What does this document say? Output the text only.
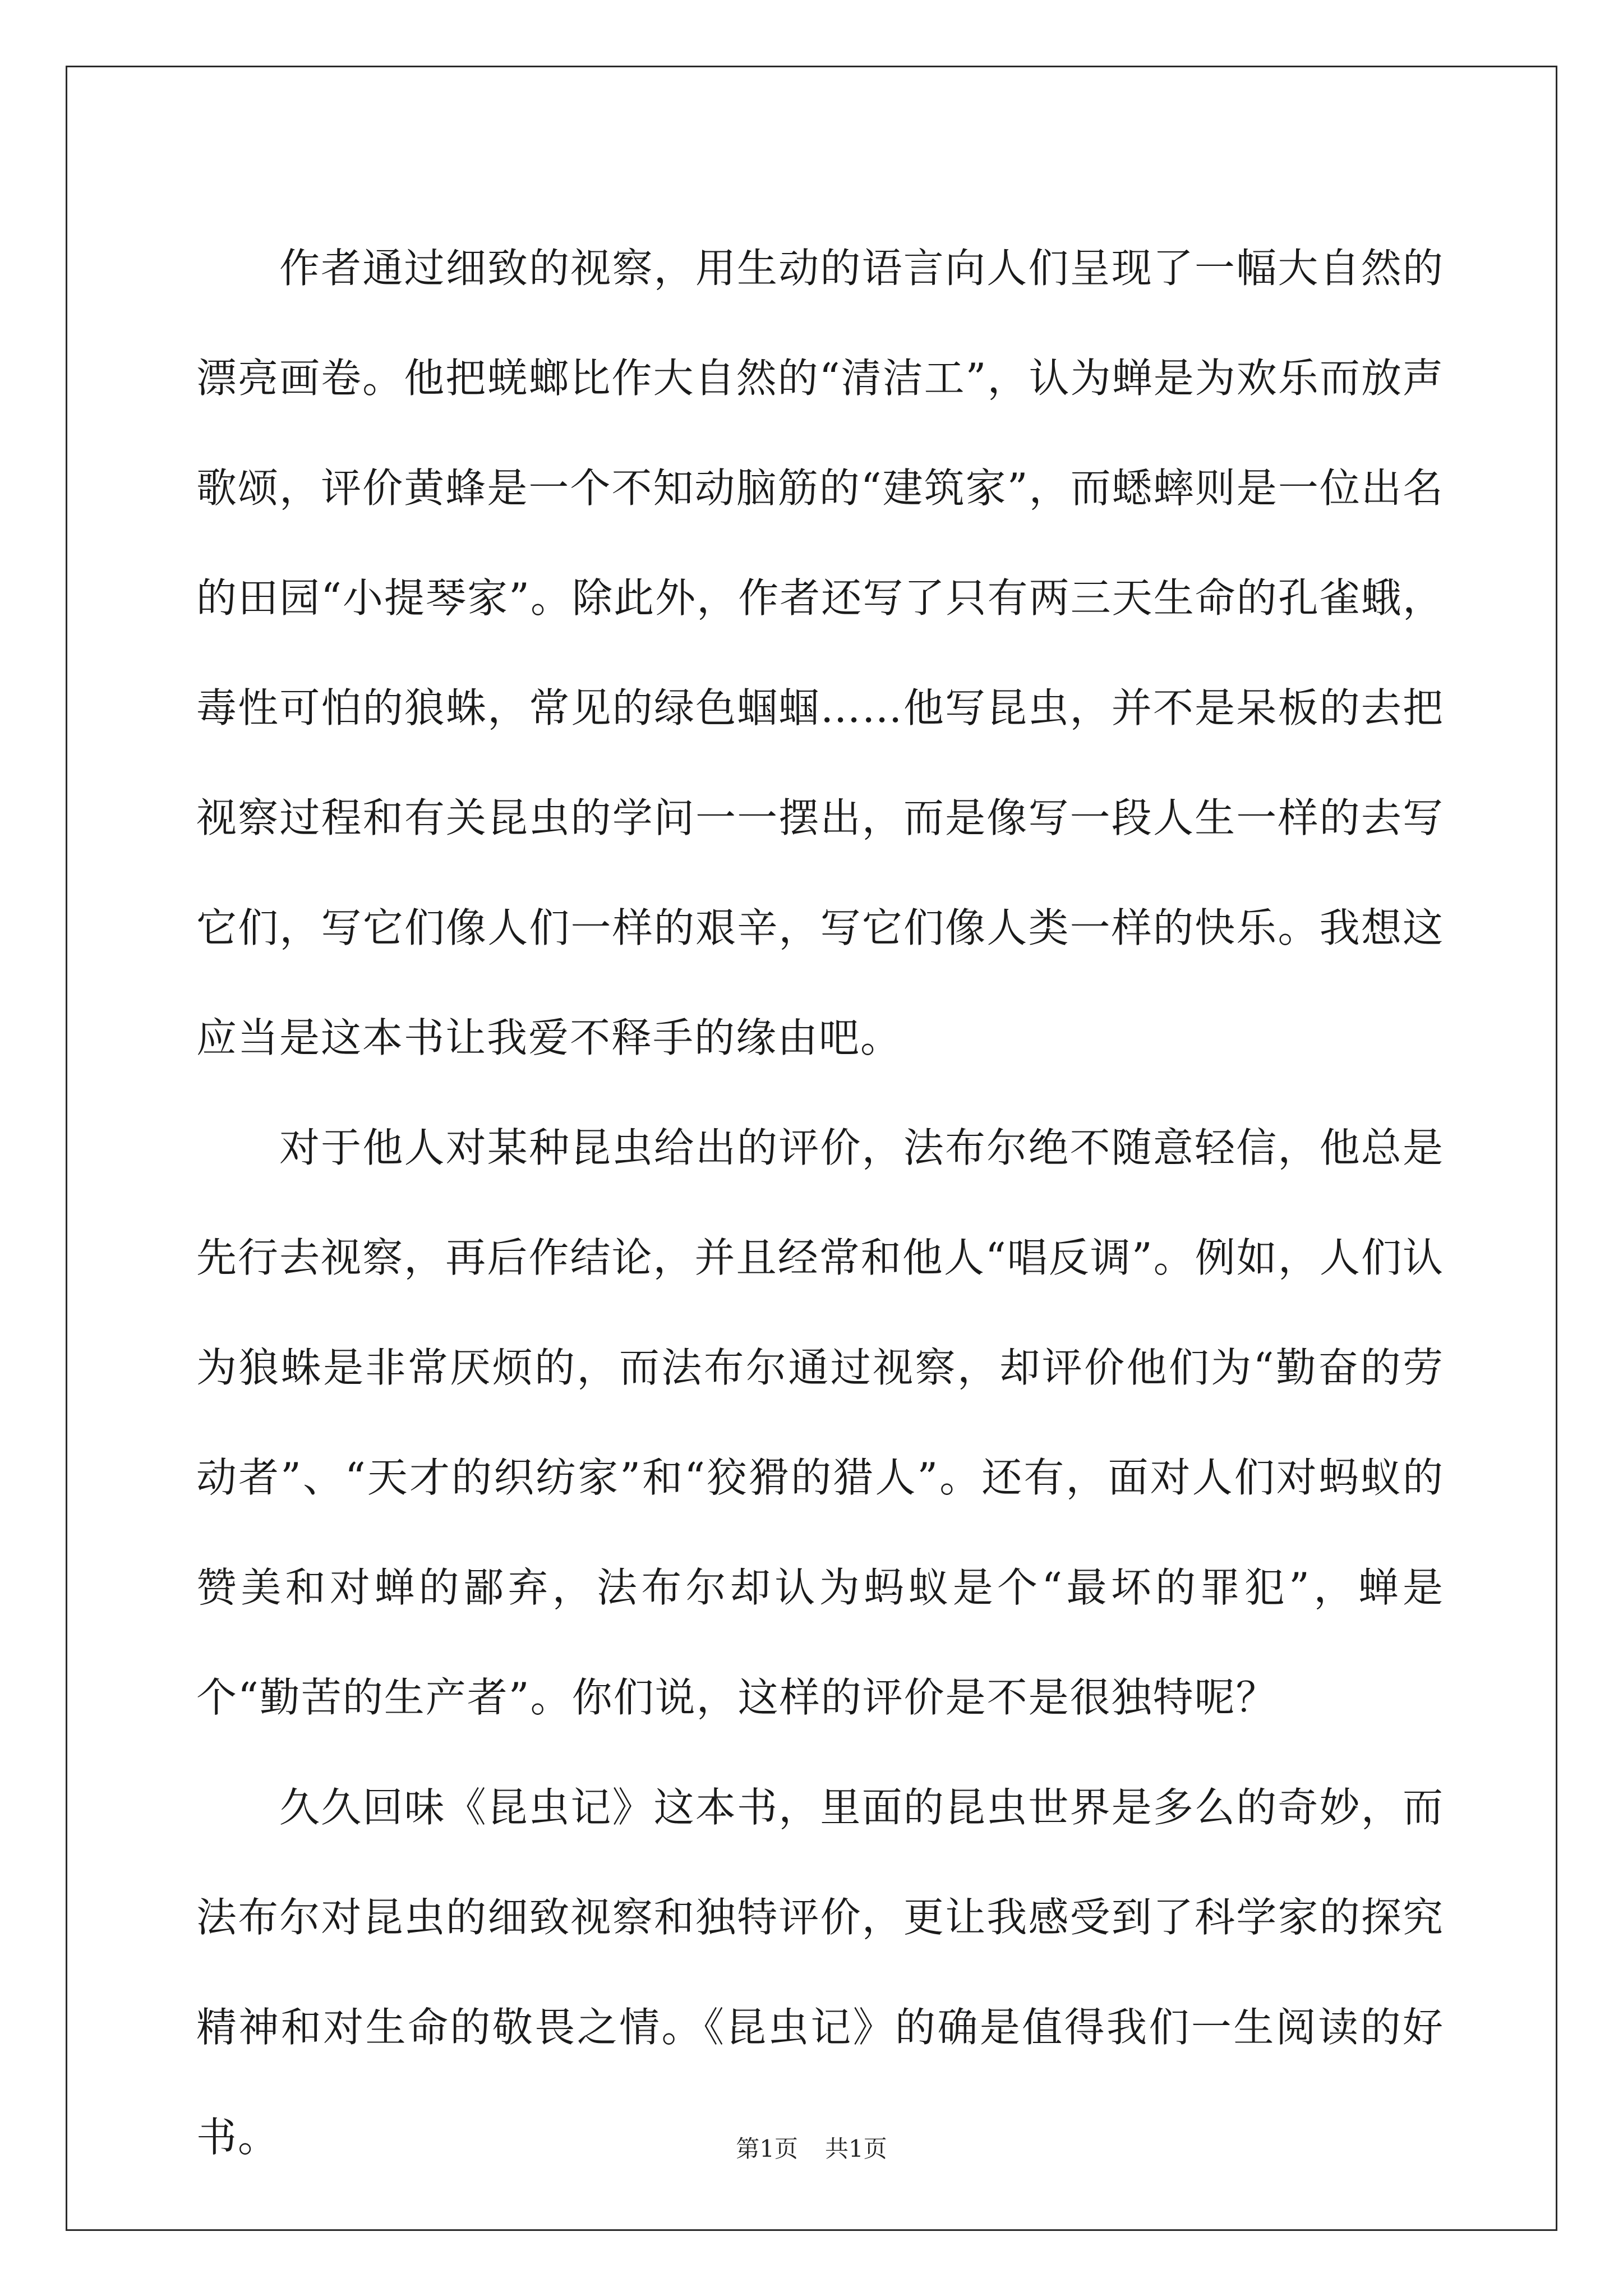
作者通过细致的视察，用生动的语言向人们呈现了一幅大自然的漂亮画卷。他把蜣螂比作大自然的“清洁工”，认为蝉是为欢乐而放声歌颂，评价黄蜂是一个不知动脑筋的“建筑家”，而蟋蟀则是一位出名的田园“小提琴家”。除此外，作者还写了只有两三天生命的孔雀蛾，毒性可怕的狼蛛，常见的绿色蝈蝈……他写昆虫，并不是呆板的去把视察过程和有关昆虫的学问一一摆出，而是像写一段人生一样的去写它们，写它们像人们一样的艰辛，写它们像人类一样的快乐。我想这应当是这本书让我爱不释手的缘由吧。

对于他人对某种昆虫给出的评价，法布尔绝不随意轻信，他总是先行去视察，再后作结论，并且经常和他人“唱反调”。例如，人们认为狼蛛是非常厌烦的，而法布尔通过视察，却评价他们为“勤奋的劳动者”、“天才的织纺家”和“狡猾的猎人”。还有，面对人们对蚂蚁的赞美和对蝉的鄙弃，法布尔却认为蚂蚁是个“最坏的罪犯”，蝉是个“勤苦的生产者”。你们说，这样的评价是不是很独特呢？

久久回味《昆虫记》这本书，里面的昆虫世界是多么的奇妙，而法布尔对昆虫的细致视察和独特评价，更让我感受到了科学家的探究精神和对生命的敬畏之情。《昆虫记》的确是值得我们一生阅读的好书。	第1页 共1页
